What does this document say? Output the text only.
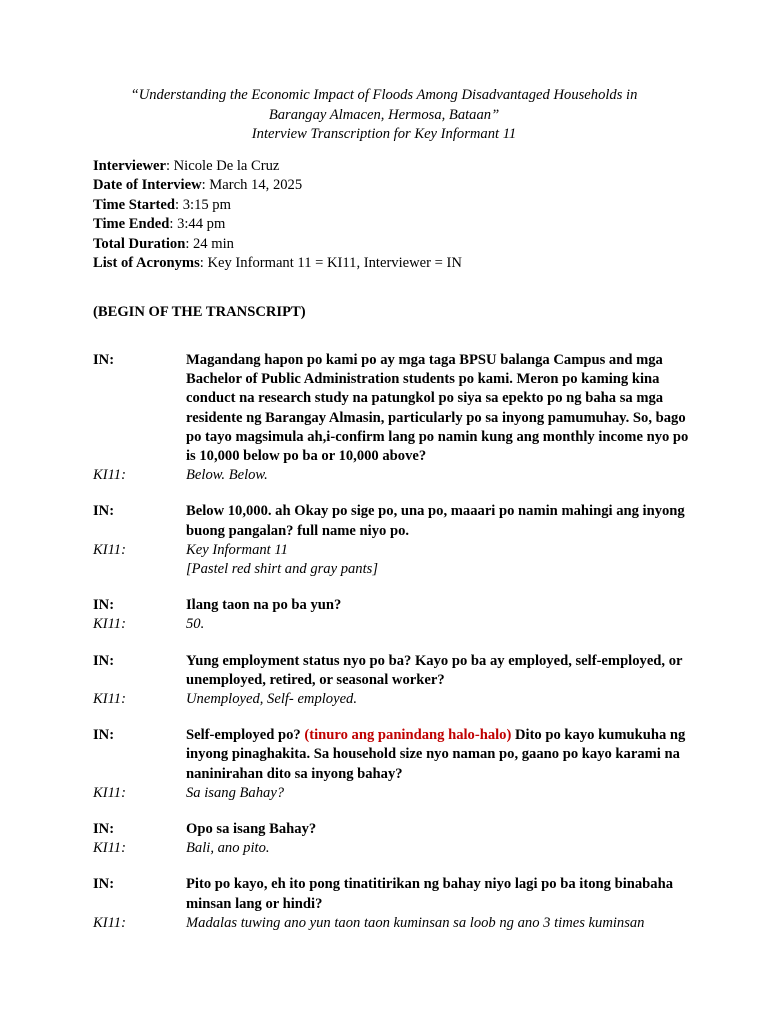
“Understanding the Economic Impact of Floods Among Disadvantaged Households in
Barangay Almacen, Hermosa, Bataan”
Interview Transcription for Key Informant 11
Interviewer: Nicole De la Cruz
Date of Interview: March 14, 2025
Time Started: 3:15 pm
Time Ended: 3:44 pm
Total Duration: 24 min
List of Acronyms: Key Informant 11 = KI11, Interviewer = IN
(BEGIN OF THE TRANSCRIPT)
IN:	Magandang hapon po kami po ay mga taga BPSU balanga Campus and mga Bachelor of Public Administration students po kami. Meron po kaming kina conduct na research study na patungkol po siya sa epekto po ng baha sa mga residente ng Barangay Almasin, particularly po sa inyong pamumuhay. So, bago po tayo magsimula ah,i-confirm lang po namin kung ang monthly income nyo po is 10,000 below po ba or 10,000 above?
KI11:	Below. Below.
IN:	Below 10,000. ah Okay po sige po, una po, maaari po namin mahingi ang inyong buong pangalan? full name niyo po.
KI11:	Key Informant 11
[Pastel red shirt and gray pants]
IN:	Ilang taon na po ba yun?
KI11:	50.
IN:	Yung employment status nyo po ba? Kayo po ba ay employed, self-employed, or unemployed, retired, or seasonal worker?
KI11:	Unemployed, Self- employed.
IN:	Self-employed po? (tinuro ang panindang halo-halo) Dito po kayo kumukuha ng inyong pinaghakita. Sa household size nyo naman po, gaano po kayo karami na naninirahan dito sa inyong bahay?
KI11:	Sa isang Bahay?
IN:	Opo sa isang Bahay?
KI11:	Bali, ano pito.
IN:	Pito po kayo, eh ito pong tinatitirikan ng bahay niyo lagi po ba itong binabaha minsan lang or hindi?
KI11:	Madalas tuwing ano yun taon taon kuminsan sa loob ng ano 3 times kuminsan
